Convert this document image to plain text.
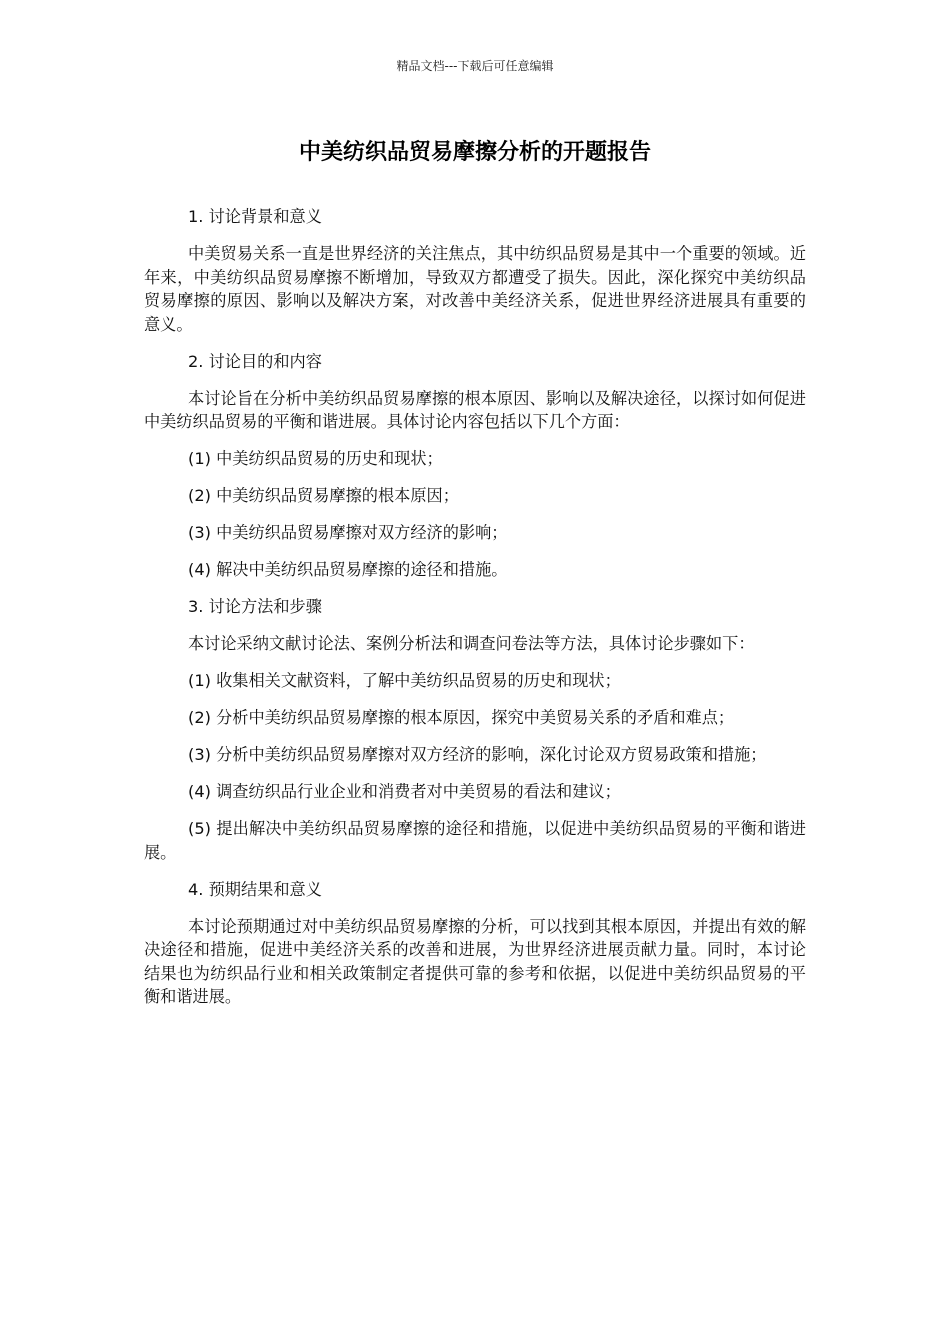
精品文档---下载后可任意编辑
中美纺织品贸易摩擦分析的开题报告

1. 讨论背景和意义

中美贸易关系一直是世界经济的关注焦点，其中纺织品贸易是其中一个重要的领域。近年来，中美纺织品贸易摩擦不断增加，导致双方都遭受了损失。因此，深化探究中美纺织品贸易摩擦的原因、影响以及解决方案，对改善中美经济关系，促进世界经济进展具有重要的意义。

2. 讨论目的和内容

本讨论旨在分析中美纺织品贸易摩擦的根本原因、影响以及解决途径，以探讨如何促进中美纺织品贸易的平衡和谐进展。具体讨论内容包括以下几个方面：

(1) 中美纺织品贸易的历史和现状；

(2) 中美纺织品贸易摩擦的根本原因；

(3) 中美纺织品贸易摩擦对双方经济的影响；

(4) 解决中美纺织品贸易摩擦的途径和措施。

3. 讨论方法和步骤

本讨论采纳文献讨论法、案例分析法和调查问卷法等方法，具体讨论步骤如下：

(1) 收集相关文献资料，了解中美纺织品贸易的历史和现状；

(2) 分析中美纺织品贸易摩擦的根本原因，探究中美贸易关系的矛盾和难点；

(3) 分析中美纺织品贸易摩擦对双方经济的影响，深化讨论双方贸易政策和措施；

(4) 调查纺织品行业企业和消费者对中美贸易的看法和建议；

(5) 提出解决中美纺织品贸易摩擦的途径和措施，以促进中美纺织品贸易的平衡和谐进展。

4. 预期结果和意义

本讨论预期通过对中美纺织品贸易摩擦的分析，可以找到其根本原因，并提出有效的解决途径和措施，促进中美经济关系的改善和进展，为世界经济进展贡献力量。同时，本讨论结果也为纺织品行业和相关政策制定者提供可靠的参考和依据，以促进中美纺织品贸易的平衡和谐进展。
